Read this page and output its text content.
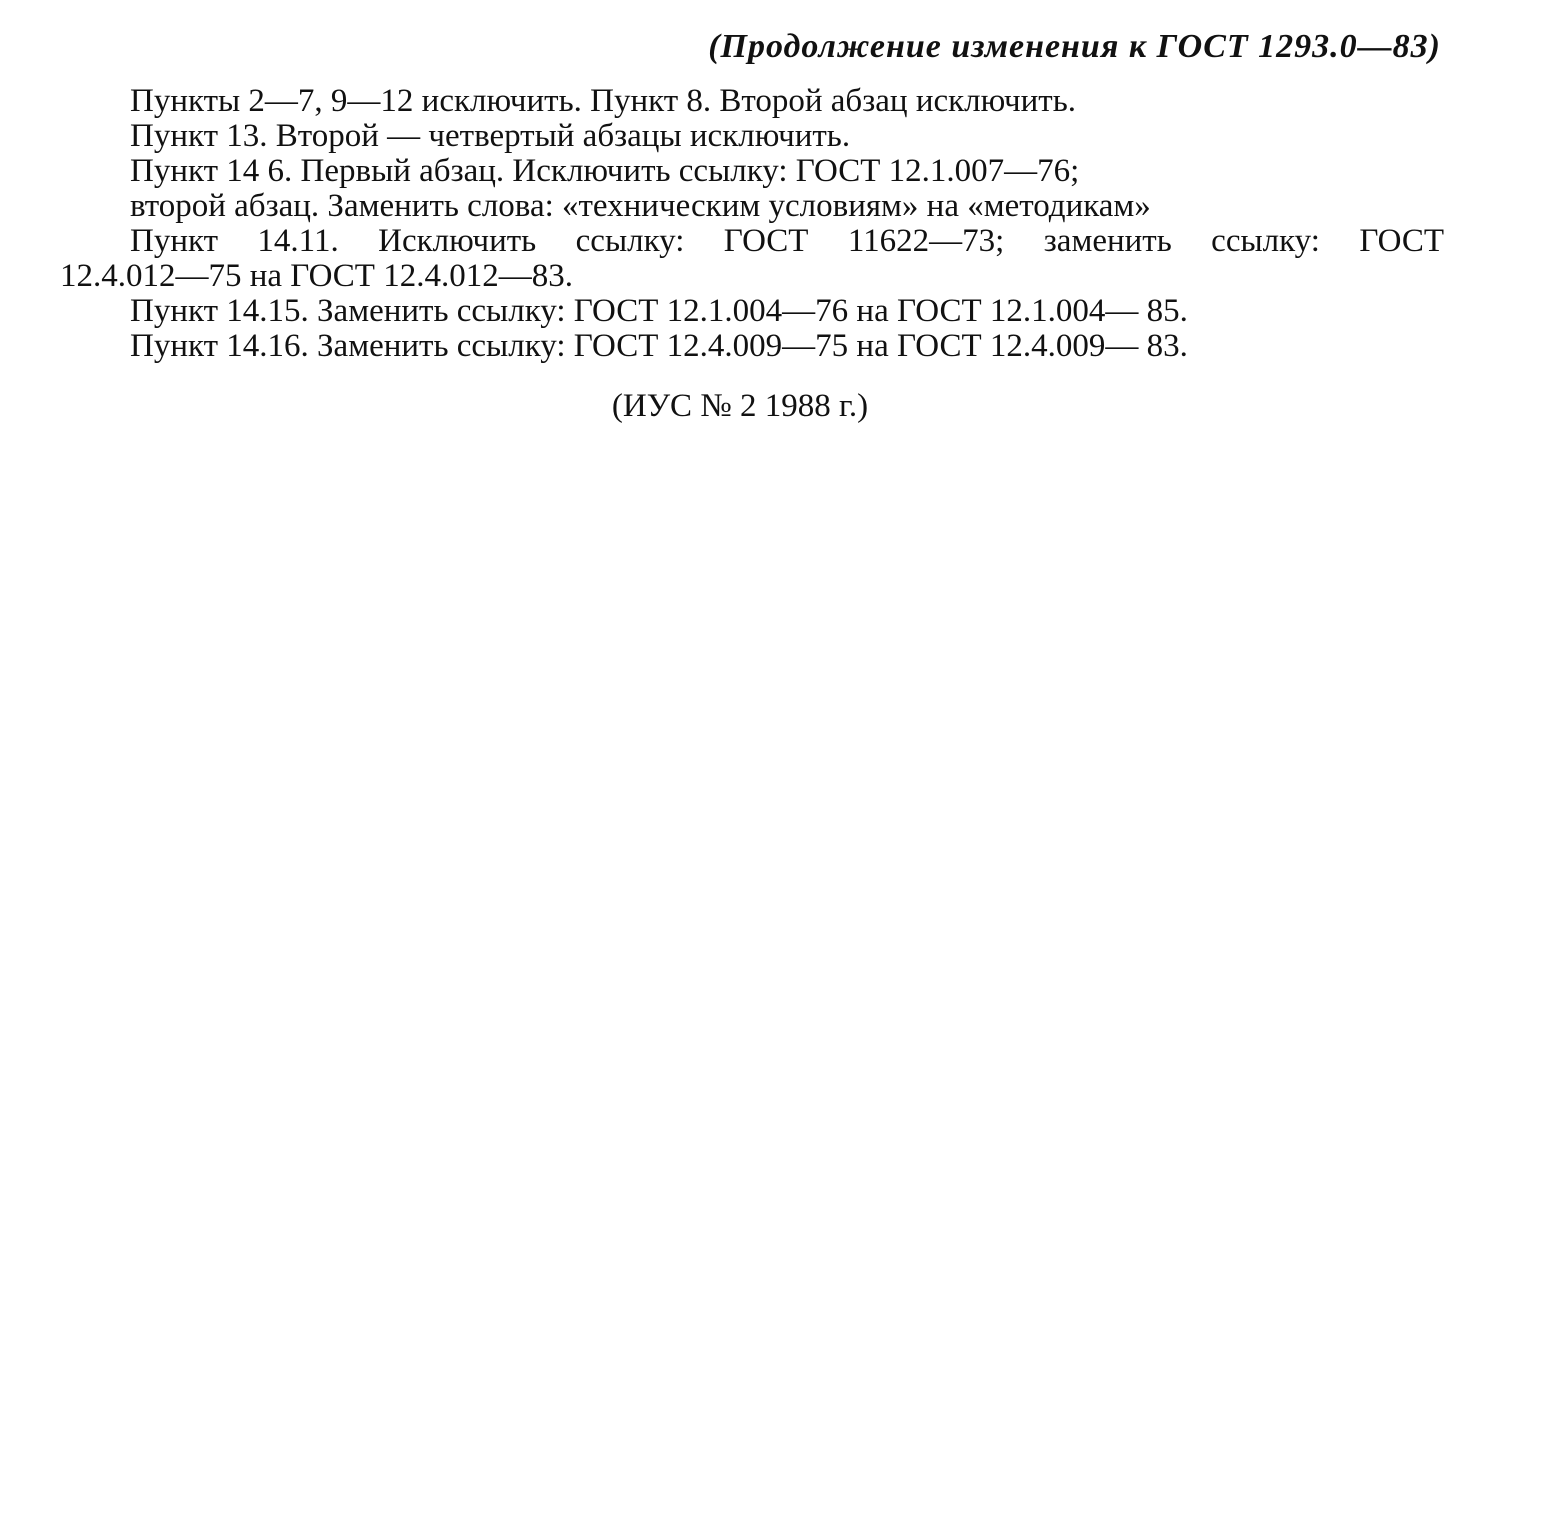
(Продолжение изменения к ГОСТ 1293.0—83)
Пункты 2—7, 9—12 исключить. Пункт 8. Второй абзац исключить.
Пункт 13. Второй — четвертый абзацы исключить.
Пункт 14 6. Первый абзац. Исключить ссылку: ГОСТ 12.1.007—76;
второй абзац. Заменить слова: «техническим условиям» на «методикам»
Пункт 14.11. Исключить ссылку: ГОСТ 11622—73; заменить ссылку: ГОСТ
12.4.012—75 на ГОСТ 12.4.012—83.
Пункт 14.15. Заменить ссылку: ГОСТ 12.1.004—76 на ГОСТ 12.1.004— 85.
Пункт 14.16. Заменить ссылку: ГОСТ 12.4.009—75 на ГОСТ 12.4.009— 83.
(ИУС № 2 1988 г.)
